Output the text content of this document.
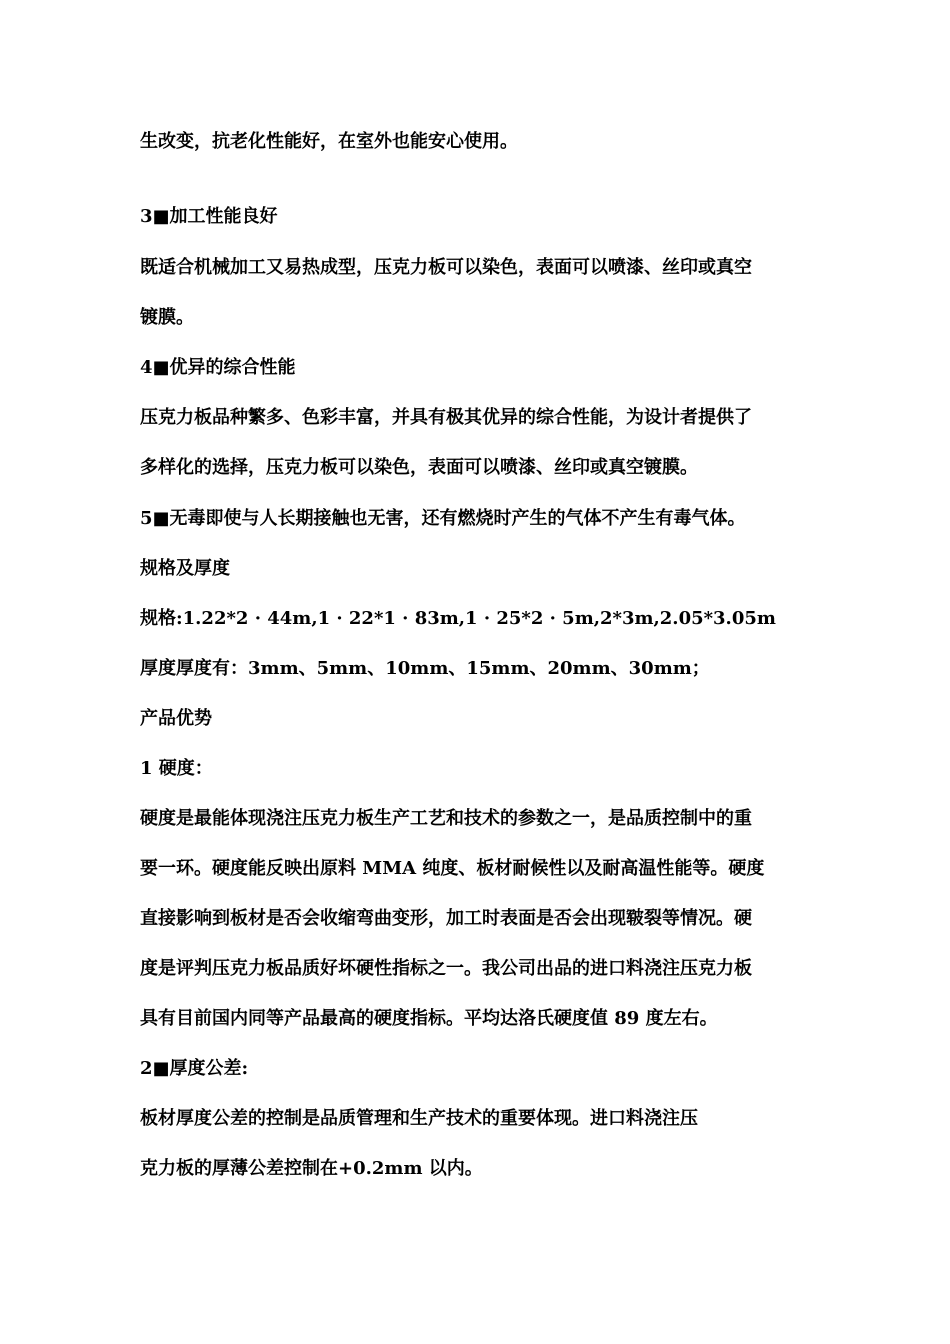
生改变，抗老化性能好，在室外也能安心使用。
3■加工性能良好
既适合机械加工又易热成型，压克力板可以染色，表面可以喷漆、丝印或真空
镀膜。
4■优异的综合性能
压克力板品种繁多、色彩丰富，并具有极其优异的综合性能，为设计者提供了
多样化的选择，压克力板可以染色，表面可以喷漆、丝印或真空镀膜。
5■无毒即使与人长期接触也无害，还有燃烧时产生的气体不产生有毒气体。
规格及厚度
规格:1.22*2 · 44m,1 · 22*1 · 83m,1 · 25*2 · 5m,2*3m,2.05*3.05m
厚度厚度有：3mm、5mm、10mm、15mm、20mm、30mm；
产品优势
1 硬度：
硬度是最能体现浇注压克力板生产工艺和技术的参数之一，是品质控制中的重
要一环。硬度能反映出原料 MMA 纯度、板材耐候性以及耐高温性能等。硬度
直接影响到板材是否会收缩弯曲变形，加工时表面是否会出现皲裂等情况。硬
度是评判压克力板品质好坏硬性指标之一。我公司出品的进口料浇注压克力板
具有目前国内同等产品最高的硬度指标。平均达洛氏硬度值 89 度左右。
2■厚度公差:
板材厚度公差的控制是品质管理和生产技术的重要体现。进口料浇注压
克力板的厚薄公差控制在+0.2mm 以内。
